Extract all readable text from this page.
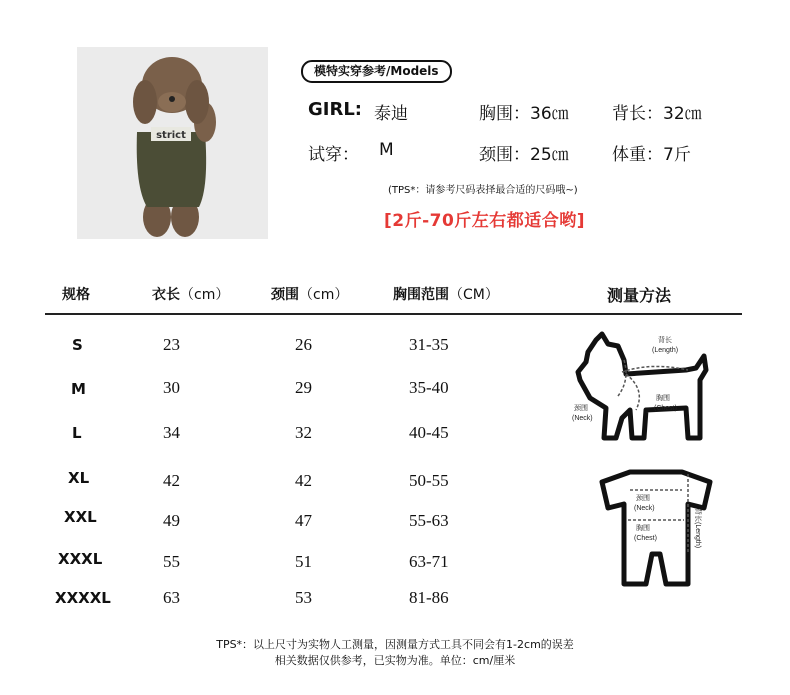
strict
模特实穿参考/Models
GIRL: 泰迪	胸围：36㎝	背长：32㎝
试穿： M	颈围：25㎝	体重：7斤
(TPS*：请参考尺码表择最合适的尺码哦~)
[2斤-70斤左右都适合哟]
规格	衣长（cm）	颈围（cm）	胸围范围（CM）	测量方法
S	23	26	31-35
M	30	29	35-40
L	34	32	40-45
XL	42	42	50-55
XXL	49	47	55-63
XXXL	55	51	63-71
XXXXL	63	53	81-86
背长
(Length)
胸围
(Chest)
颈围
(Neck)
颈围
(Neck)
胸围
(Chest)	背长(Length)
TPS*：以上尺寸为实物人工测量，因测量方式工具不同会有1-2cm的误差
相关数据仅供参考，已实物为准。单位：cm/厘米
